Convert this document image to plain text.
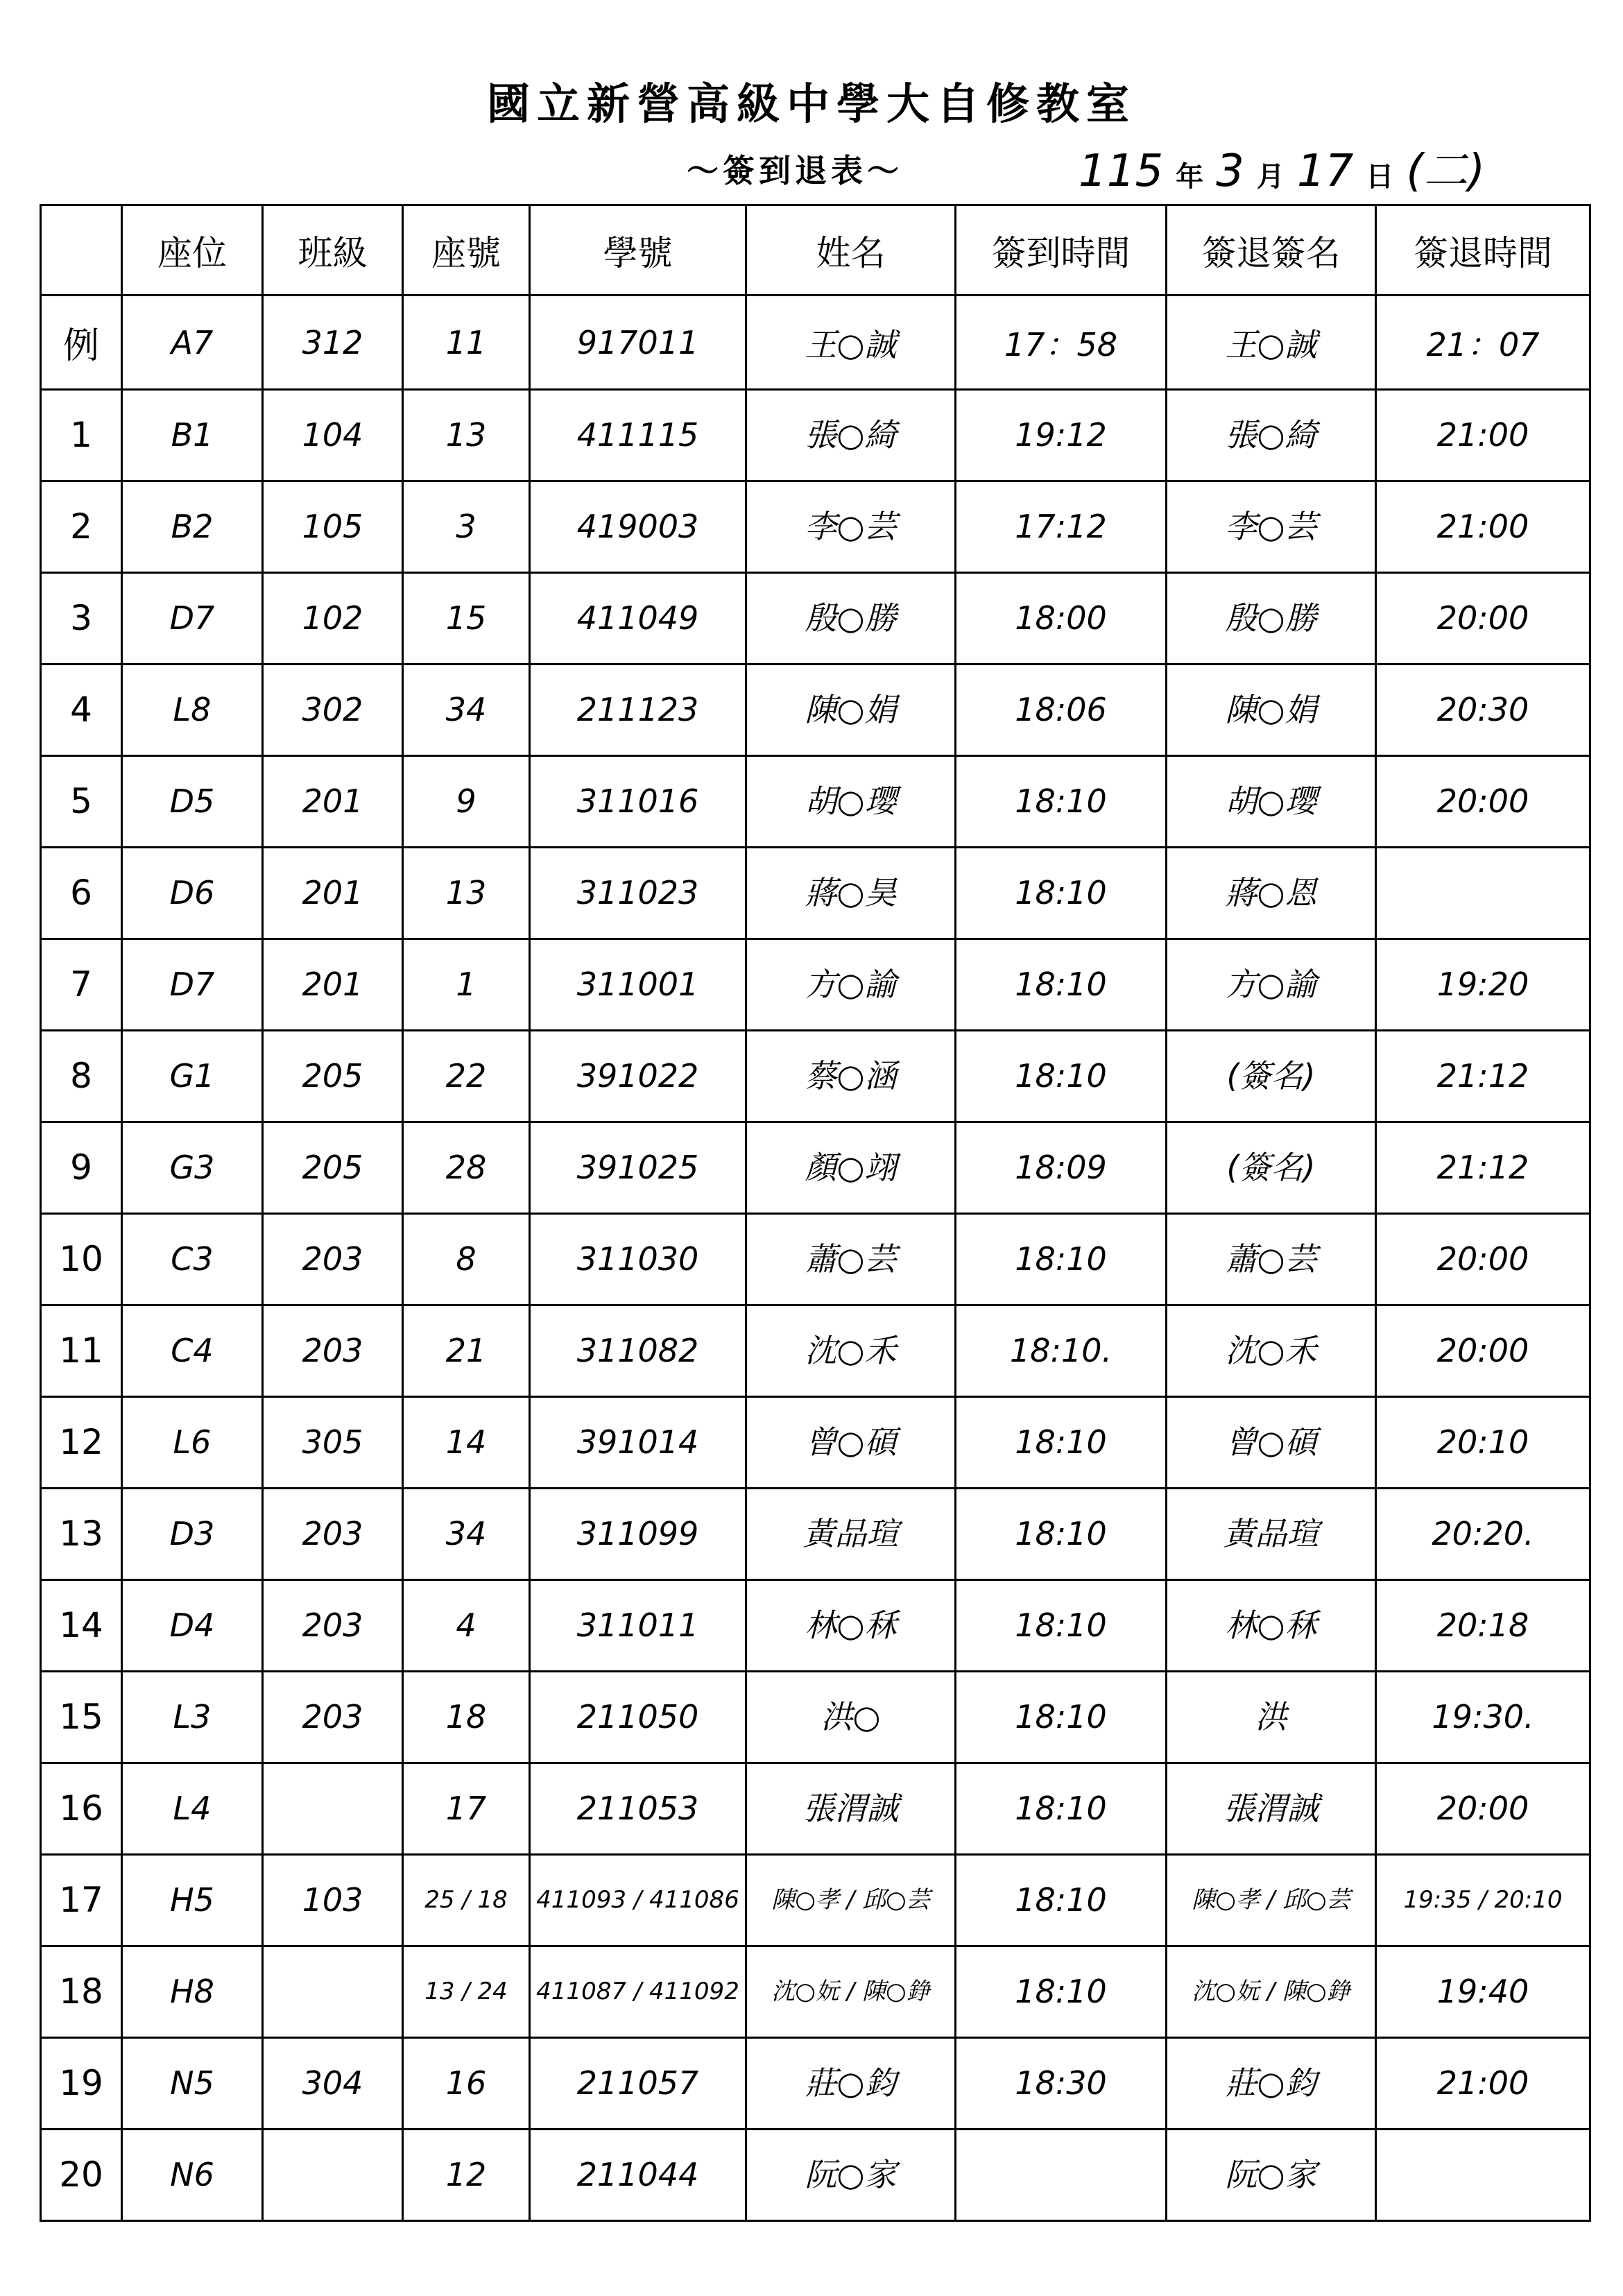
國立新營高級中學大自修教室
～簽到退表～	115 年 3 月 17 日 (二)
	座位	班級	座號	學號	姓名	簽到時間	簽退簽名	簽退時間
例	A7	312	11	917011	王○誠	17：58	王○誠	21：07
1	B1	104	13	411115	張○綺	19:12	張○綺	21:00
2	B2	105	3	419003	李○芸	17:12	李○芸	21:00
3	D7	102	15	411049	殷○勝	18:00	殷○勝	20:00
4	L8	302	34	211123	陳○娟	18:06	陳○娟	20:30
5	D5	201	9	311016	胡○璎	18:10	胡○璎	20:00
6	D6	201	13	311023	蔣○昊	18:10	蔣○恩	
7	D7	201	1	311001	方○諭	18:10	方○諭	19:20
8	G1	205	22	391022	蔡○涵	18:10	(簽名)	21:12
9	G3	205	28	391025	顏○翊	18:09	(簽名)	21:12
10	C3	203	8	311030	蕭○芸	18:10	蕭○芸	20:00
11	C4	203	21	311082	沈○禾	18:10.	沈○禾	20:00
12	L6	305	14	391014	曾○碩	18:10	曾○碩	20:10
13	D3	203	34	311099	黃品瑄	18:10	黃品瑄	20:20.
14	D4	203	4	311011	林○秝	18:10	林○秝	20:18
15	L3	203	18	211050	洪○	18:10	洪	19:30.
16	L4		17	211053	張渭誠	18:10	張渭誠	20:00
17	H5	103	25 / 18	411093 / 411086	陳○孝 / 邱○芸	18:10	陳○孝 / 邱○芸	19:35 / 20:10
18	H8		13 / 24	411087 / 411092	沈○妧 / 陳○錚	18:10	沈○妧 / 陳○錚	19:40
19	N5	304	16	211057	莊○鈞	18:30	莊○鈞	21:00
20	N6		12	211044	阮○家		阮○家	
